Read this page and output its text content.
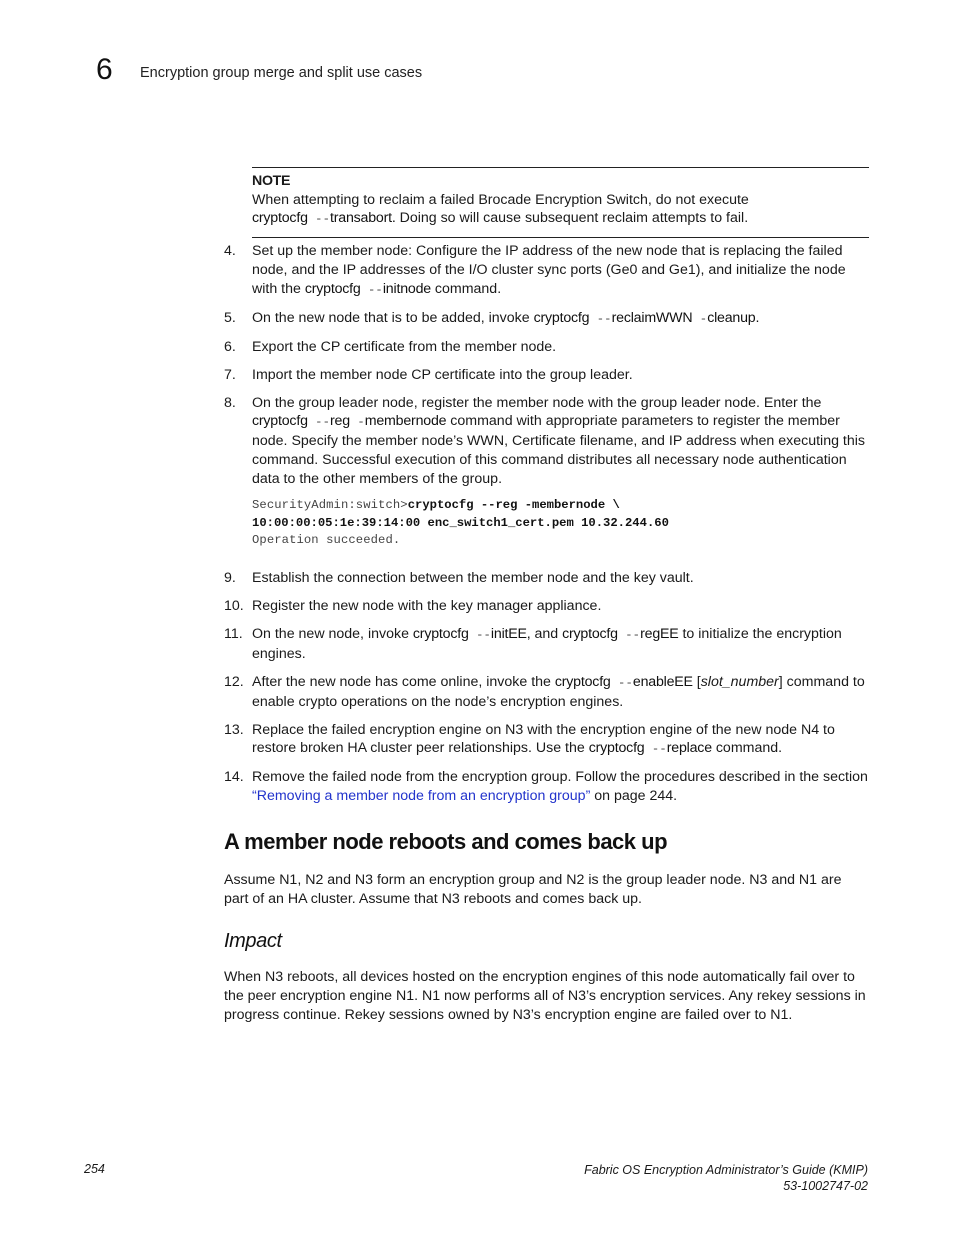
6 Encryption group merge and split use cases
NOTE
When attempting to reclaim a failed Brocade Encryption Switch, do not execute
cryptocfg --transabort. Doing so will cause subsequent reclaim attempts to fail.
4.	Set up the member node: Configure the IP address of the new node that is replacing the failed node, and the IP addresses of the I/O cluster sync ports (Ge0 and Ge1), and initialize the node with the cryptocfg --initnode command.
5.	On the new node that is to be added, invoke cryptocfg --reclaimWWN -cleanup.
6.	Export the CP certificate from the member node.
7.	Import the member node CP certificate into the group leader.
8.	On the group leader node, register the member node with the group leader node. Enter the cryptocfg --reg -membernode command with appropriate parameters to register the member node. Specify the member node’s WWN, Certificate filename, and IP address when executing this command. Successful execution of this command distributes all necessary node authentication data to the other members of the group.
SecurityAdmin:switch>cryptocfg --reg -membernode \
10:00:00:05:1e:39:14:00 enc_switch1_cert.pem 10.32.244.60
Operation succeeded.
9.	Establish the connection between the member node and the key vault.
10. Register the new node with the key manager appliance.
11. On the new node, invoke cryptocfg --initEE, and cryptocfg --regEE to initialize the encryption engines.
12. After the new node has come online, invoke the cryptocfg --enableEE [slot_number] command to enable crypto operations on the node’s encryption engines.
13. Replace the failed encryption engine on N3 with the encryption engine of the new node N4 to restore broken HA cluster peer relationships. Use the cryptocfg --replace command.
14. Remove the failed node from the encryption group. Follow the procedures described in the section “Removing a member node from an encryption group” on page 244.
A member node reboots and comes back up
Assume N1, N2 and N3 form an encryption group and N2 is the group leader node. N3 and N1 are part of an HA cluster. Assume that N3 reboots and comes back up.
Impact
When N3 reboots, all devices hosted on the encryption engines of this node automatically fail over to the peer encryption engine N1. N1 now performs all of N3’s encryption services. Any rekey sessions in progress continue. Rekey sessions owned by N3’s encryption engine are failed over to N1.
254	Fabric OS Encryption Administrator’s Guide (KMIP)
53-1002747-02
